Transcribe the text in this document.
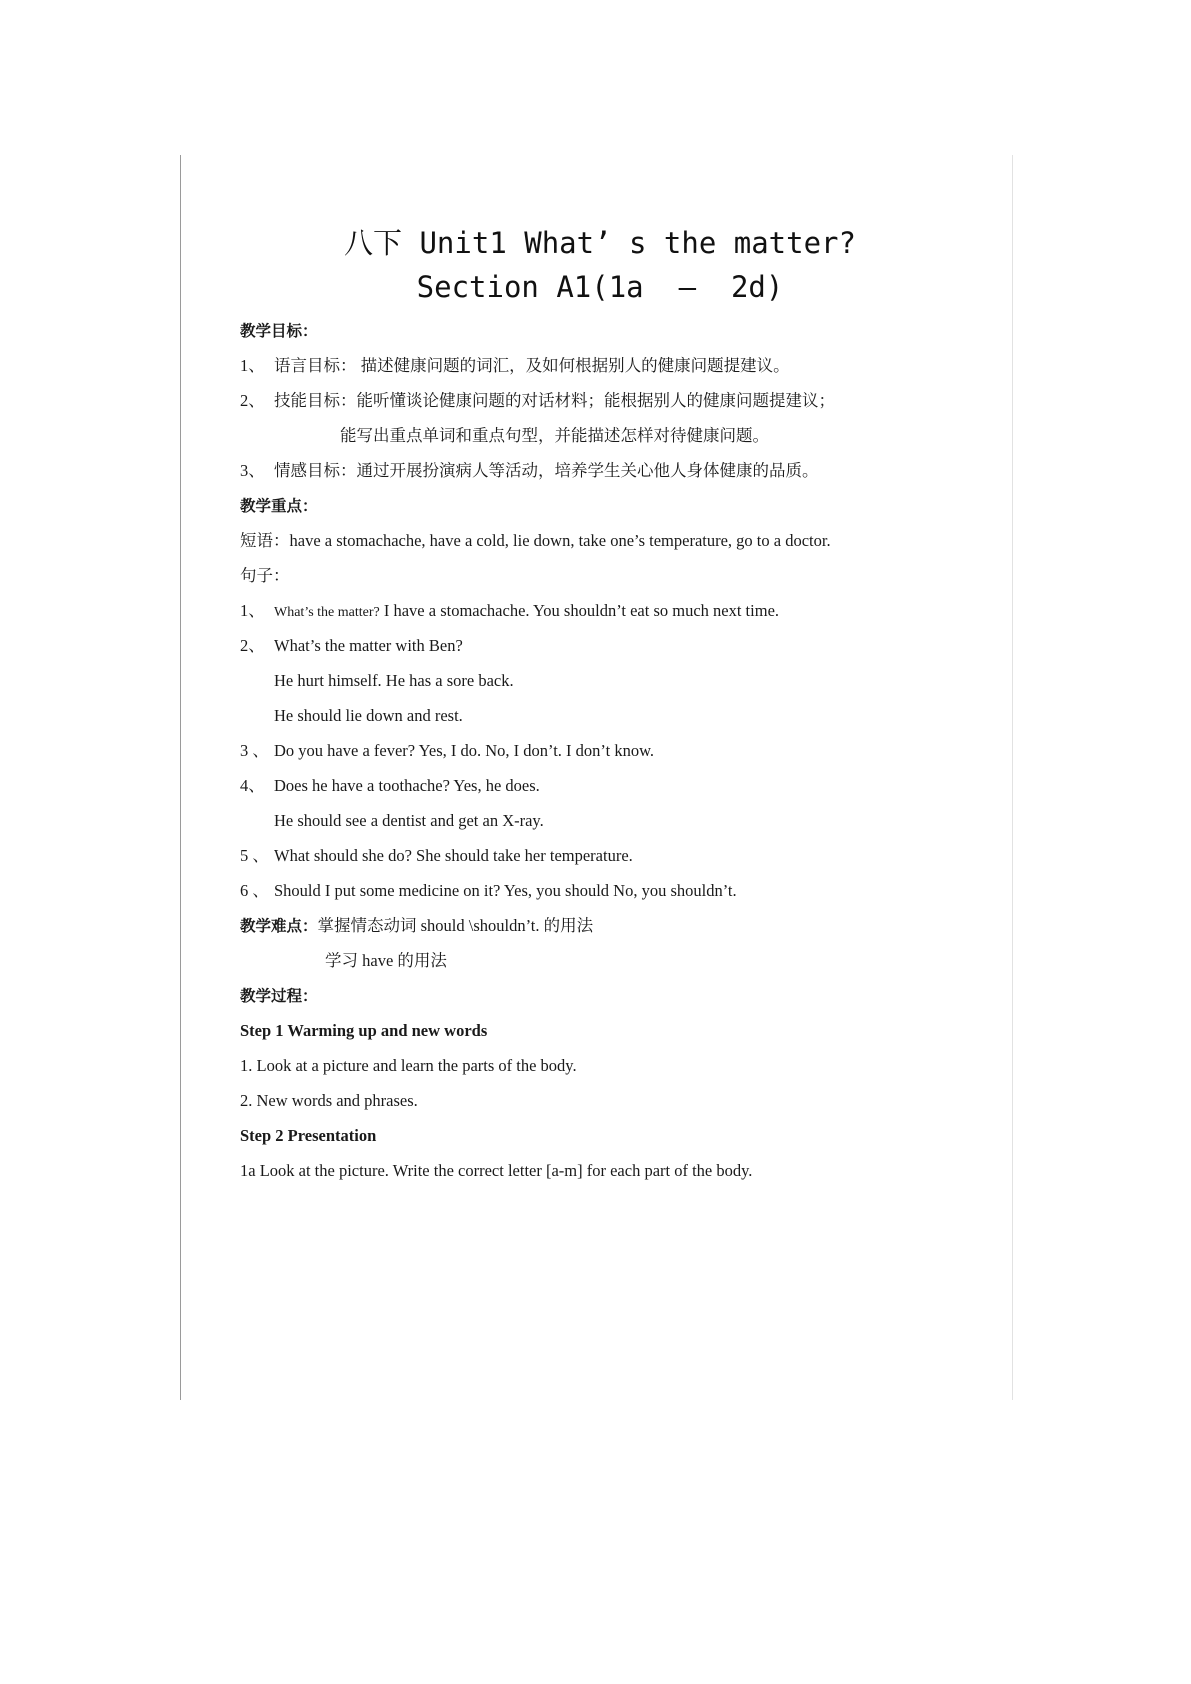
八下 Unit1 What’ s the matter?
Section A1(1a  –  2d)
教学目标：
1、 语言目标： 描述健康问题的词汇，及如何根据别人的健康问题提建议。
2、 技能目标：能听懂谈论健康问题的对话材料；能根据别人的健康问题提建议；
能写出重点单词和重点句型，并能描述怎样对待健康问题。
3、 情感目标：通过开展扮演病人等活动，培养学生关心他人身体健康的品质。
教学重点：
短语：have a stomachache, have a cold, lie down, take one’s temperature, go to a doctor.
句子：
1、 What’s the matter? I have a stomachache. You shouldn’t eat so much next time.
2、 What’s the matter with Ben?
He hurt himself. He has a sore back.
He should lie down and rest.
3 、 Do you have a fever? Yes, I do. No, I don’t. I don’t know.
4、 Does he have a toothache? Yes, he does.
He should see a dentist and get an X-ray.
5 、 What should she do? She should take her temperature.
6 、 Should I put some medicine on it? Yes, you should No, you shouldn’t.
教学难点：掌握情态动词 should \shouldn’t. 的用法
学习 have 的用法
教学过程：
Step 1 Warming up and new words
1. Look at a picture and learn the parts of the body.
2. New words and phrases.
Step 2 Presentation
1a Look at the picture. Write the correct letter [a-m] for each part of the body.
